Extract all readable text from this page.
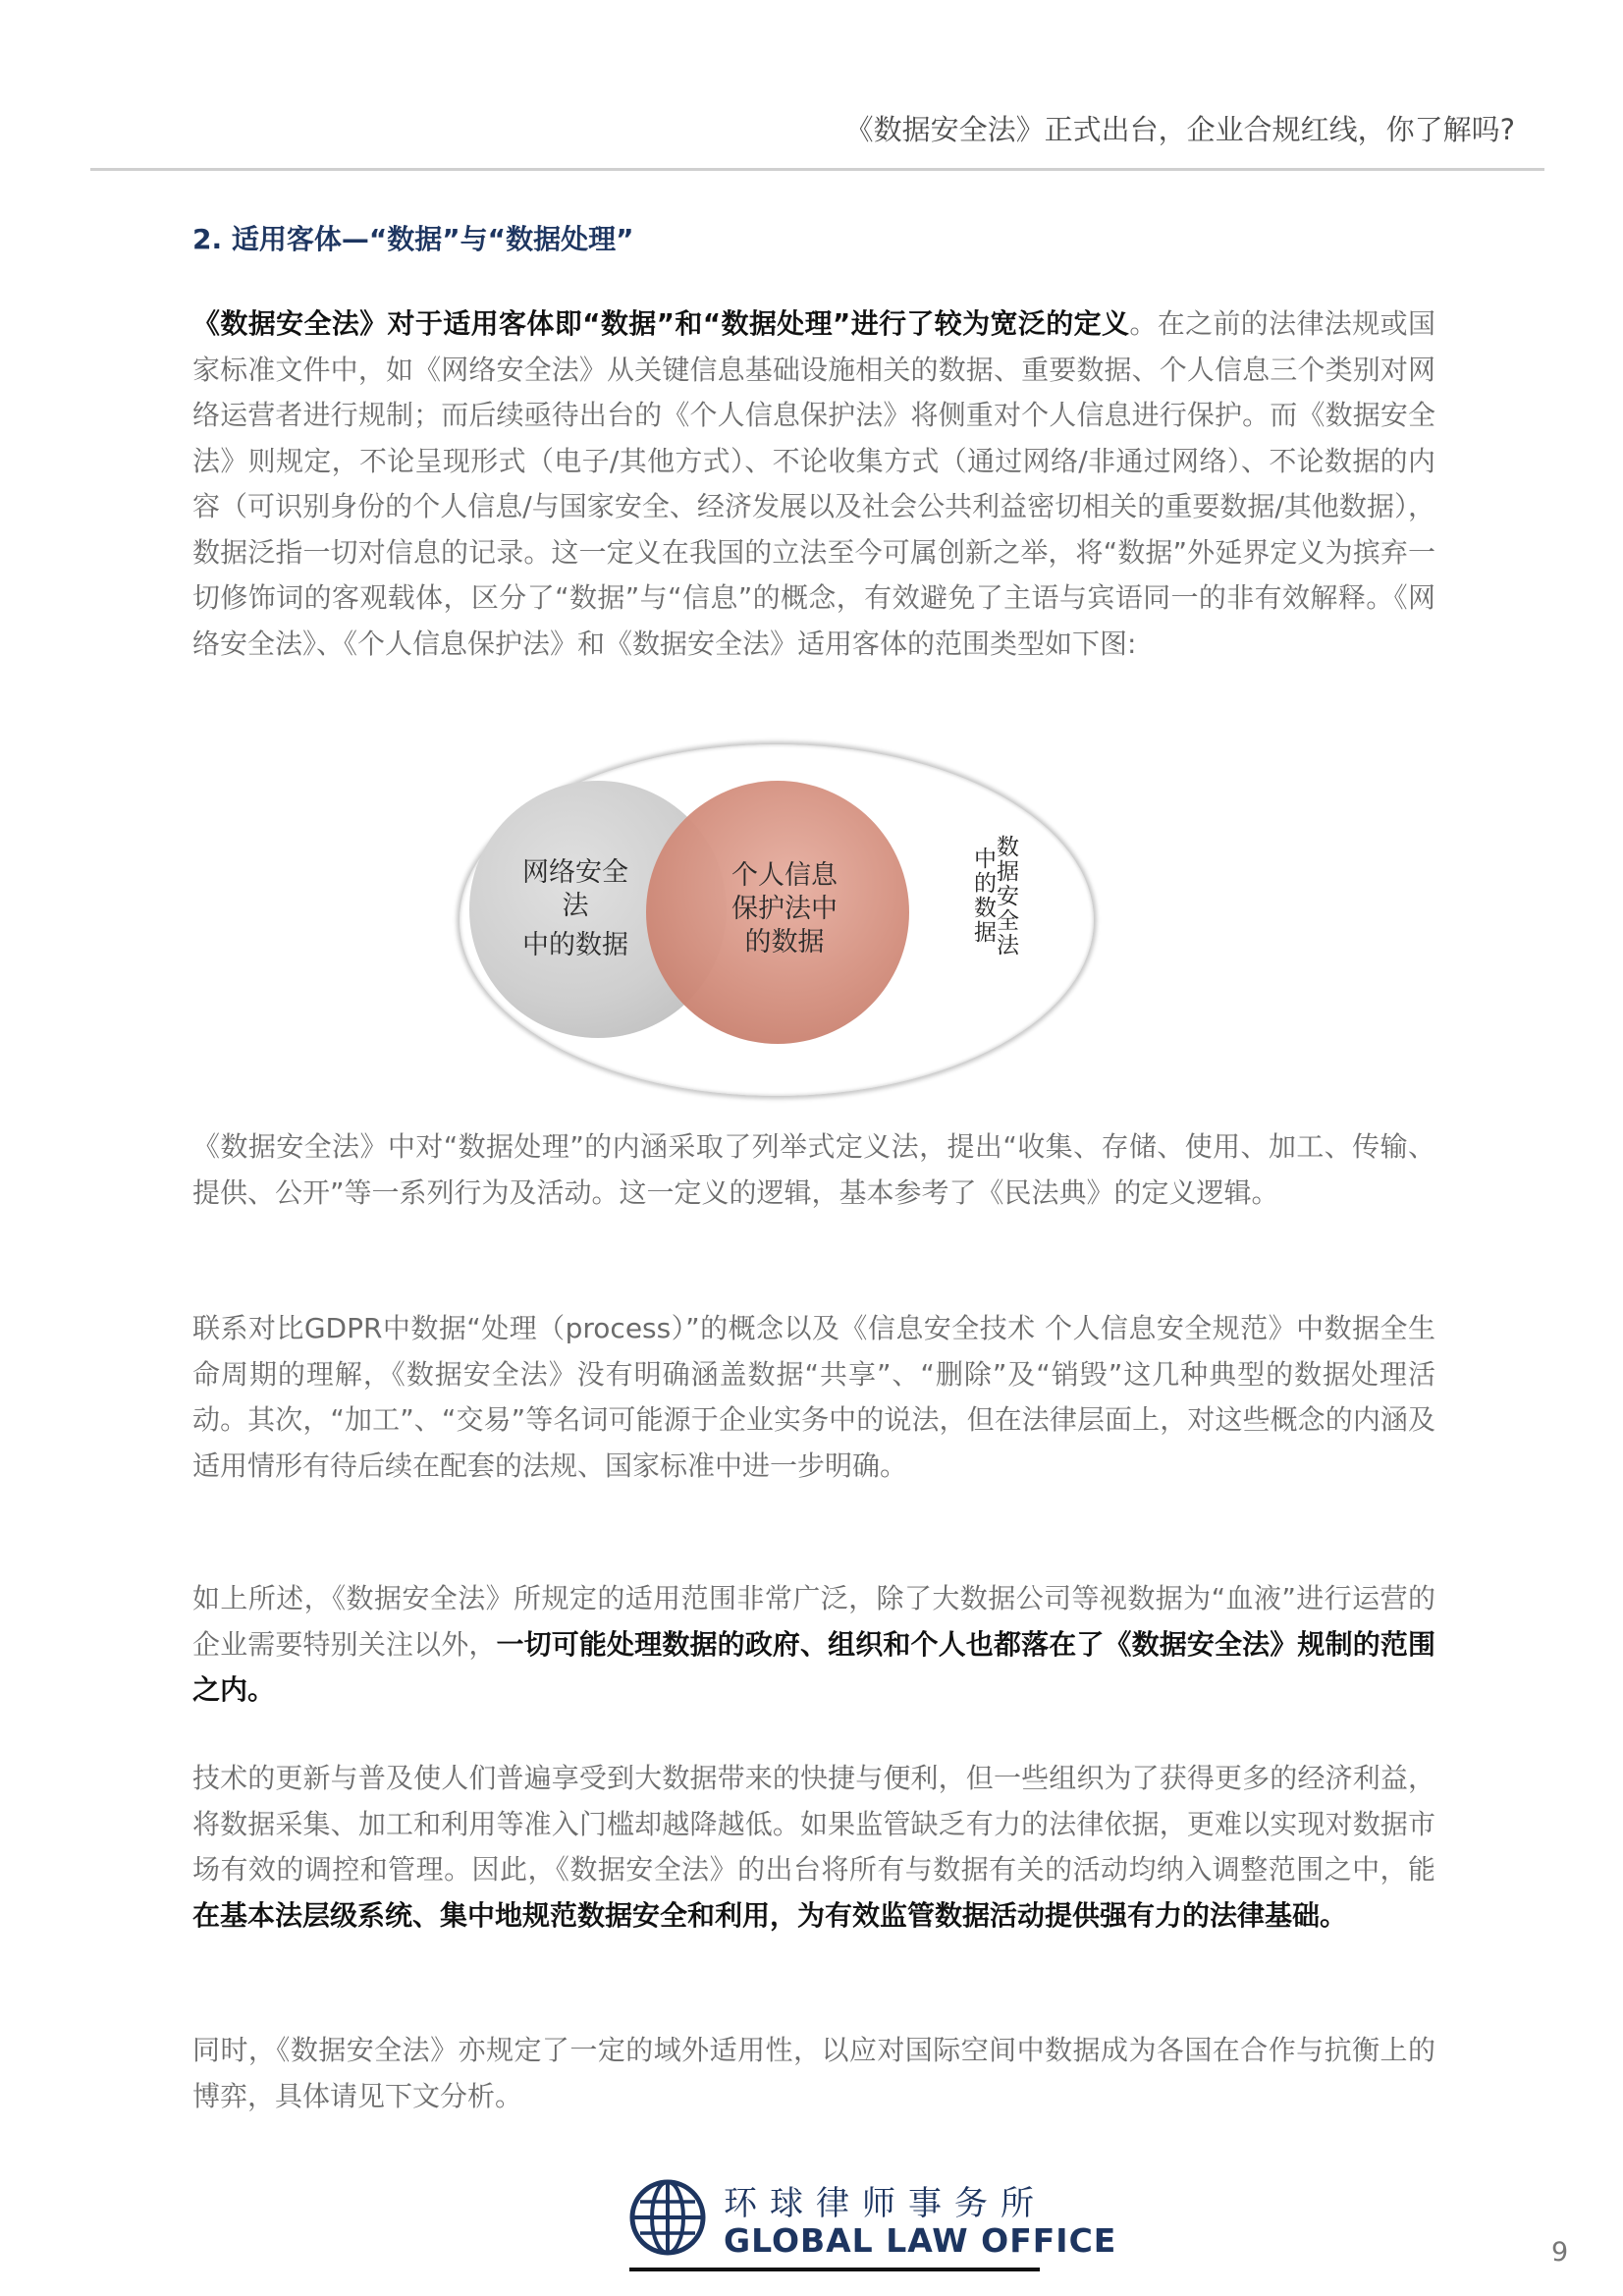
《数据安全法》正式出台，企业合规红线，你了解吗?
2. 适用客体—“数据”与“数据处理”

《数据安全法》对于适用客体即“数据”和“数据处理”进行了较为宽泛的定义。在之前的法律法规或国家标准文件中，如《网络安全法》从关键信息基础设施相关的数据、重要数据、个人信息三个类别对网络运营者进行规制；而后续亟待出台的《个人信息保护法》将侧重对个人信息进行保护。而《数据安全法》则规定，不论呈现形式（电子/其他方式）、不论收集方式（通过网络/非通过网络）、不论数据的内容（可识别身份的个人信息/与国家安全、经济发展以及社会公共利益密切相关的重要数据/其他数据），数据泛指一切对信息的记录。这一定义在我国的立法至今可属创新之举，将“数据”外延界定义为摈弃一切修饰词的客观载体，区分了“数据”与“信息”的概念，有效避免了主语与宾语同一的非有效解释。《网络安全法》、《个人信息保护法》和《数据安全法》适用客体的范围类型如下图:

网络安全
法
中的数据
个人信息
保护法中
的数据	数据安全法
中的数据

《数据安全法》中对“数据处理”的内涵采取了列举式定义法，提出“收集、存储、使用、加工、传输、提供、公开”等一系列行为及活动。这一定义的逻辑，基本参考了《民法典》的定义逻辑。

联系对比GDPR中数据“处理（process）”的概念以及《信息安全技术 个人信息安全规范》中数据全生命周期的理解，《数据安全法》没有明确涵盖数据“共享”、“删除”及“销毁”这几种典型的数据处理活动。其次，“加工”、“交易”等名词可能源于企业实务中的说法，但在法律层面上，对这些概念的内涵及适用情形有待后续在配套的法规、国家标准中进一步明确。

如上所述，《数据安全法》所规定的适用范围非常广泛，除了大数据公司等视数据为“血液”进行运营的企业需要特别关注以外，一切可能处理数据的政府、组织和个人也都落在了《数据安全法》规制的范围之内。

技术的更新与普及使人们普遍享受到大数据带来的快捷与便利，但一些组织为了获得更多的经济利益，将数据采集、加工和利用等准入门槛却越降越低。如果监管缺乏有力的法律依据，更难以实现对数据市场有效的调控和管理。因此，《数据安全法》的出台将所有与数据有关的活动均纳入调整范围之中，能在基本法层级系统、集中地规范数据安全和利用，为有效监管数据活动提供强有力的法律基础。

同时，《数据安全法》亦规定了一定的域外适用性，以应对国际空间中数据成为各国在合作与抗衡上的博弈，具体请见下文分析。

环球律师事务所
GLOBAL LAW OFFICE	9
